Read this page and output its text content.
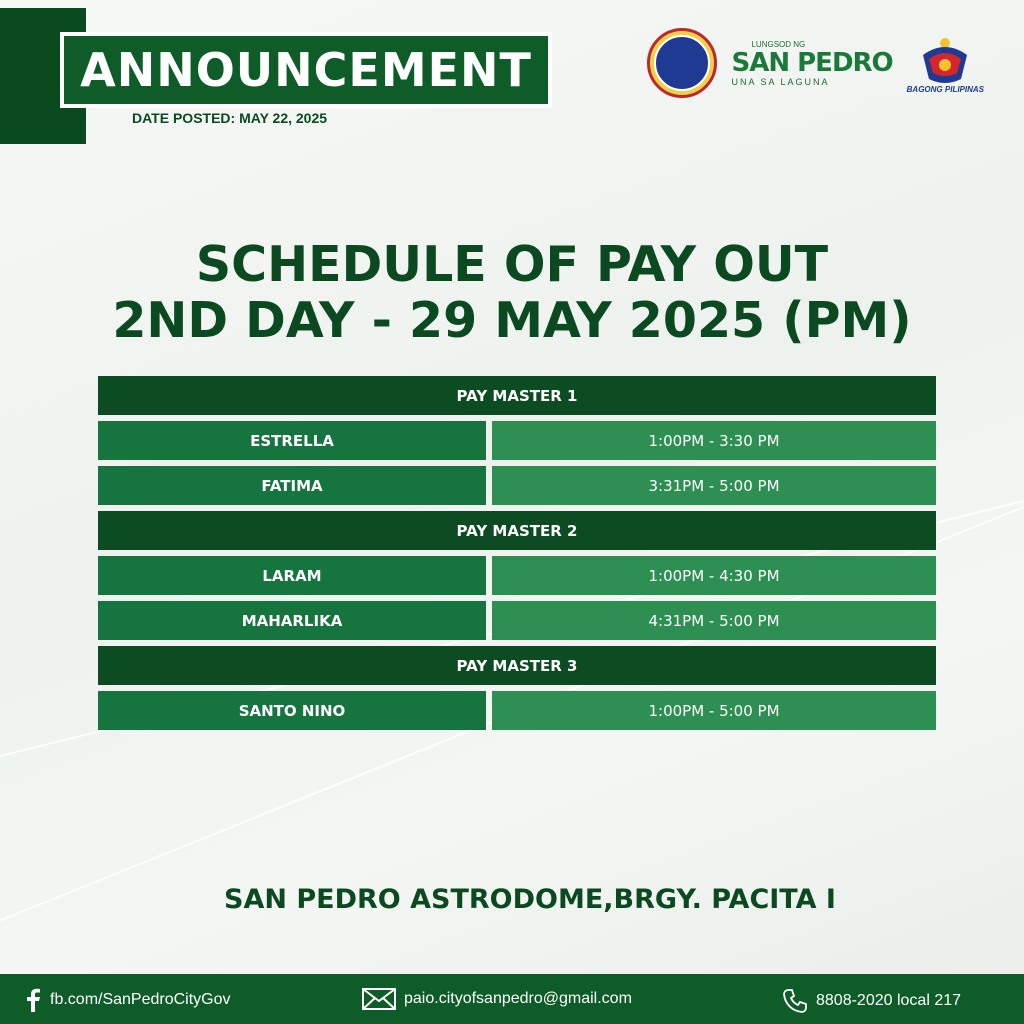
ANNOUNCEMENT
DATE POSTED: MAY 22, 2025
LUNGSOD NG
SAN PEDRO
UNA SA LAGUNA
BAGONG PILIPINAS
SCHEDULE OF PAY OUT
2ND DAY - 29 MAY 2025 (PM)
PAY MASTER 1
ESTRELLA	1:00PM - 3:30 PM
FATIMA	3:31PM - 5:00 PM
PAY MASTER 2
LARAM	1:00PM - 4:30 PM
MAHARLIKA	4:31PM - 5:00 PM
PAY MASTER 3
SANTO NINO	1:00PM - 5:00 PM
SAN PEDRO ASTRODOME,BRGY. PACITA I
fb.com/SanPedroCityGov	paio.cityofsanpedro@gmail.com	8808-2020 local 217
